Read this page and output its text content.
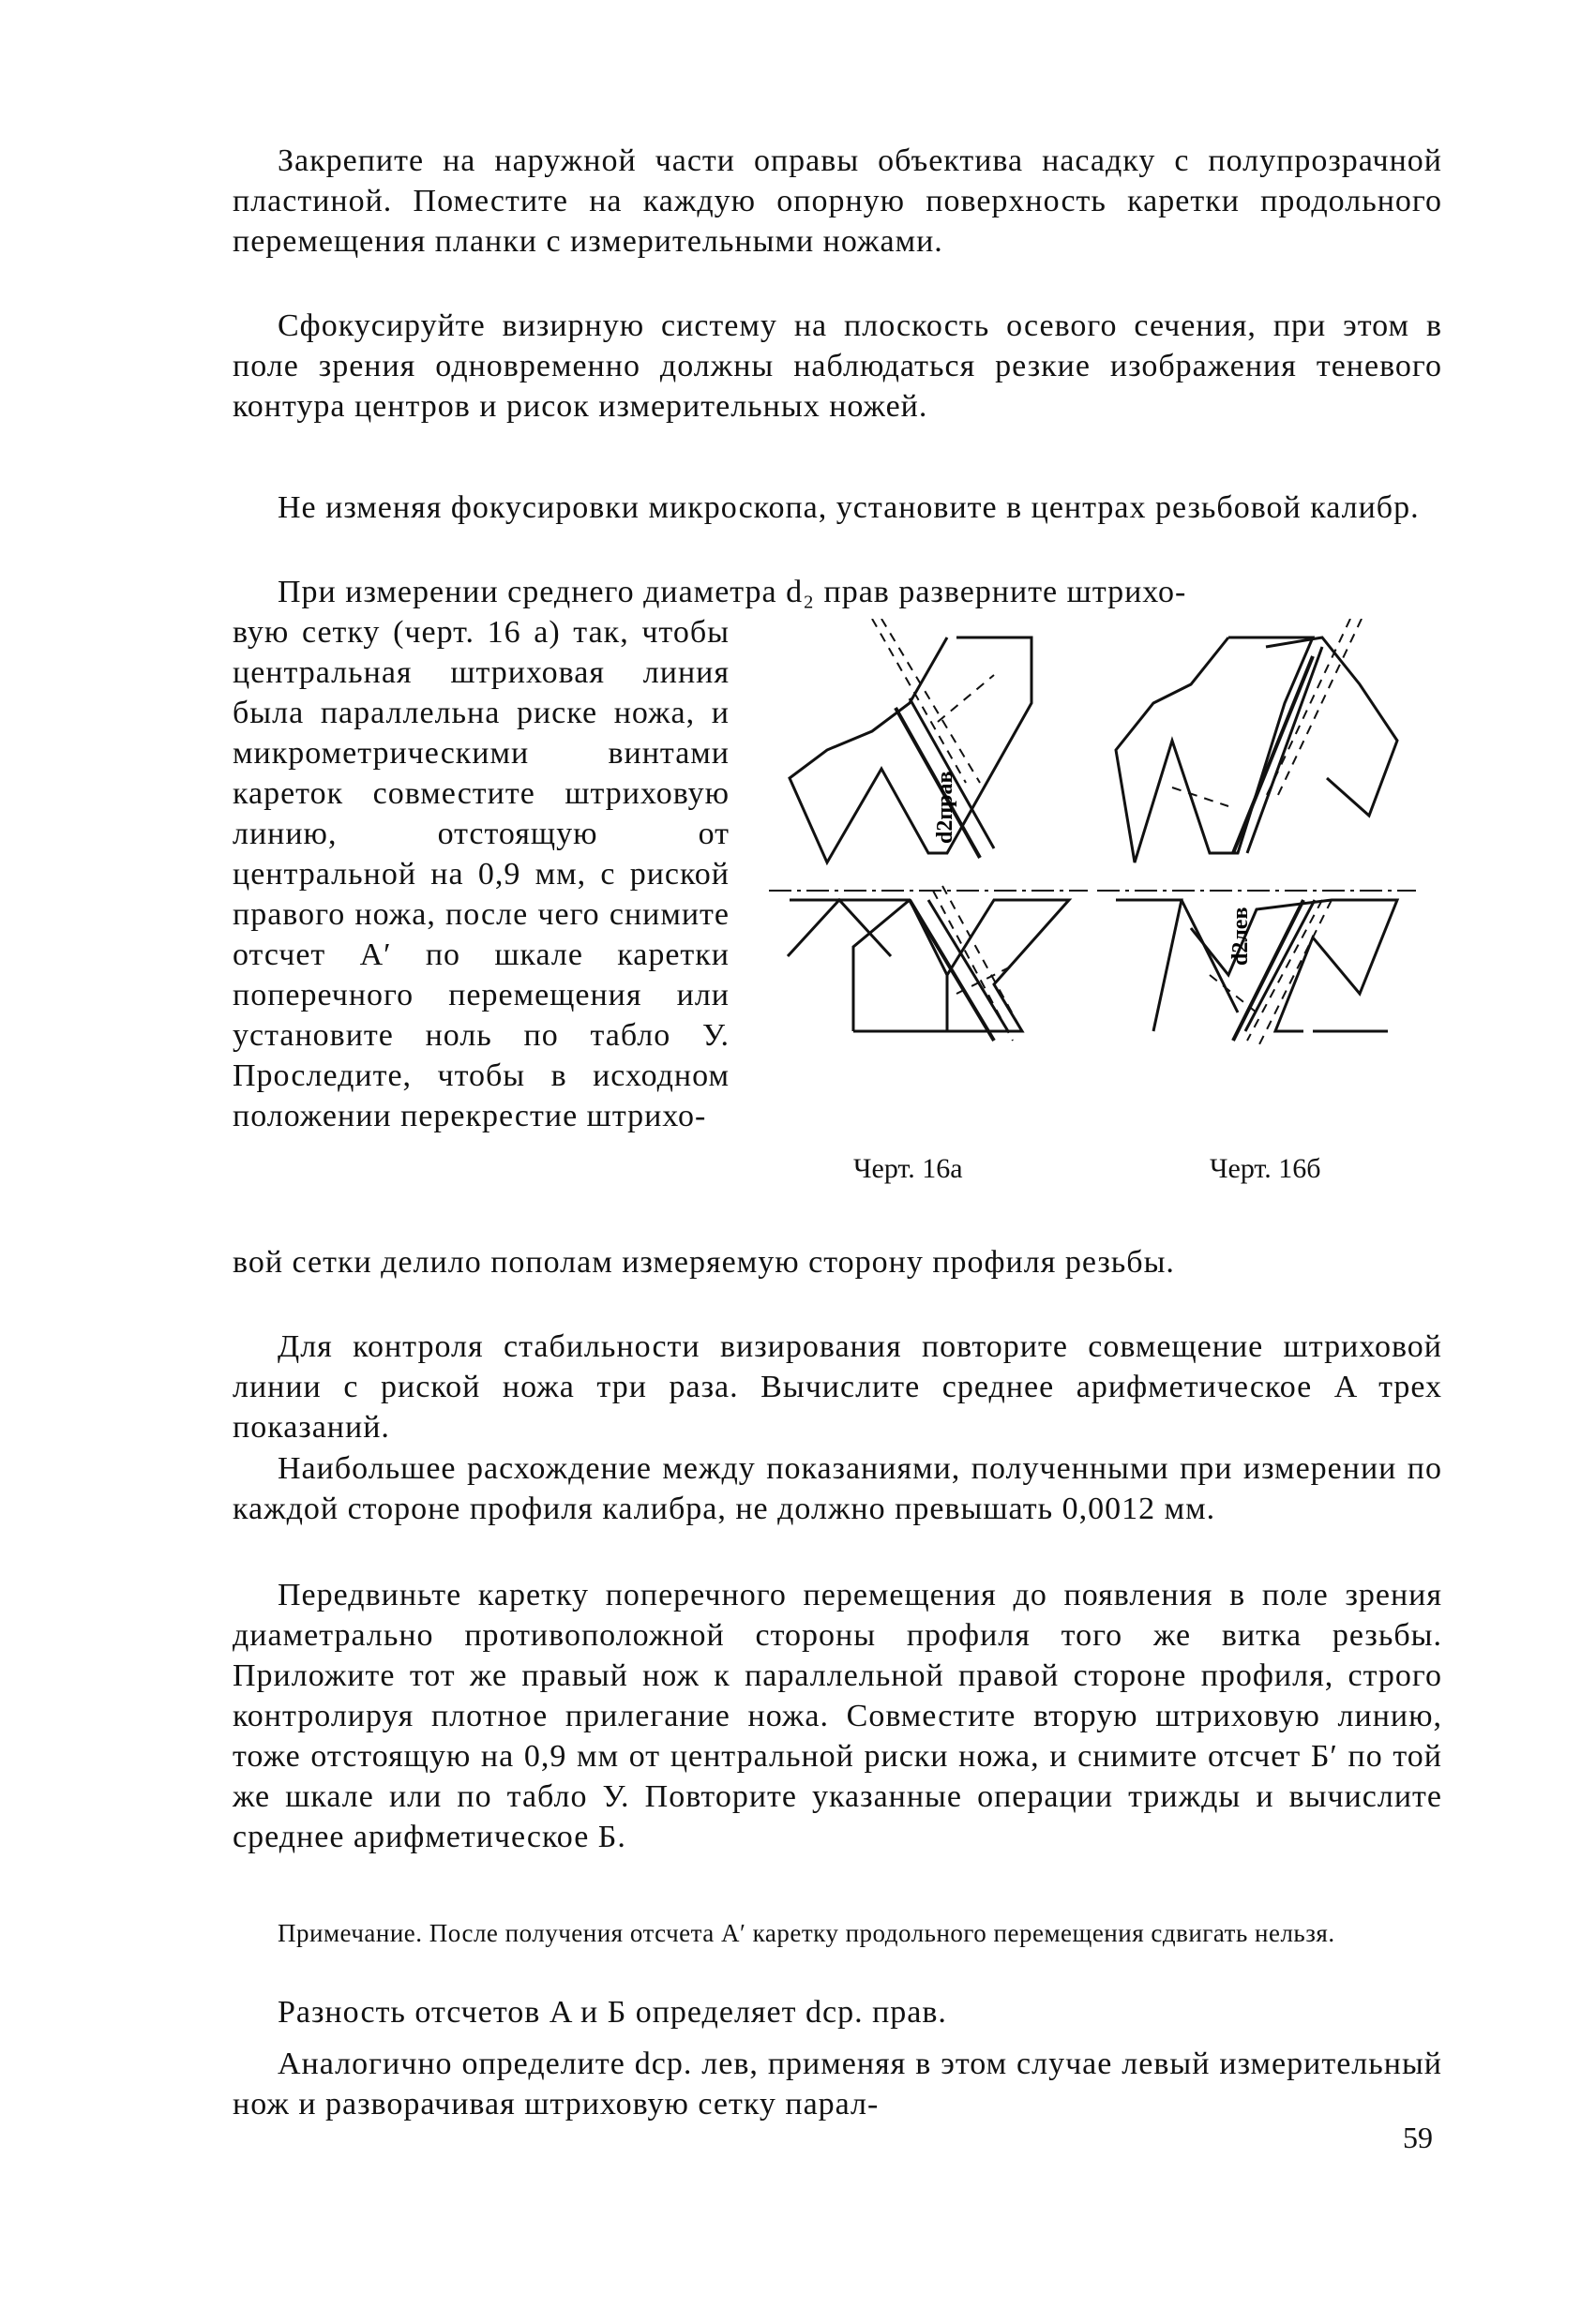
Закрепите на наружной части оправы объектива насадку с полупрозрачной пластиной. Поместите на каждую опорную поверхность каретки продольного перемещения планки с измерительными ножами.

Сфокусируйте визирную систему на плоскость осевого сечения, при этом в поле зрения одновременно должны наблюдаться резкие изображения теневого контура центров и рисок измерительных ножей.

Не изменяя фокусировки микроскопа, установите в центрах резьбовой калибр.

При измерении среднего диаметра d₂ прав разверните штрихо-

вую сетку (черт. 16 а) так, чтобы центральная штриховая линия была параллельна риске ножа, и микрометрическими винтами кареток совместите штриховую линию, отстоящую от центральной на 0,9 мм, с риской правого ножа, после чего снимите отсчет A′ по шкале каретки поперечного перемещения или установите ноль по табло У. Проследите, чтобы в исходном положении перекрестие штрихо-

вой сетки делило пополам измеряемую сторону профиля резьбы.

d2прав
d2лев
Черт. 16а	Черт. 16б

Для контроля стабильности визирования повторите совмещение штриховой линии с риской ножа три раза. Вычислите среднее арифметическое A трех показаний.

Наибольшее расхождение между показаниями, полученными при измерении по каждой стороне профиля калибра, не должно превышать 0,0012 мм.

Передвиньте каретку поперечного перемещения до появления в поле зрения диаметрально противоположной стороны профиля того же витка резьбы. Приложите тот же правый нож к параллельной правой стороне профиля, строго контролируя плотное прилегание ножа. Совместите вторую штриховую линию, тоже отстоящую на 0,9 мм от центральной риски ножа, и снимите отсчет Б′ по той же шкале или по табло У. Повторите указанные операции трижды и вычислите среднее арифметическое Б.

Примечание. После получения отсчета A′ каретку продольного перемещения сдвигать нельзя.

Разность отсчетов A и Б определяет dср. прав.

Аналогично определите dср. лев, применяя в этом случае левый измерительный нож и разворачивая штриховую сетку парал-

59
